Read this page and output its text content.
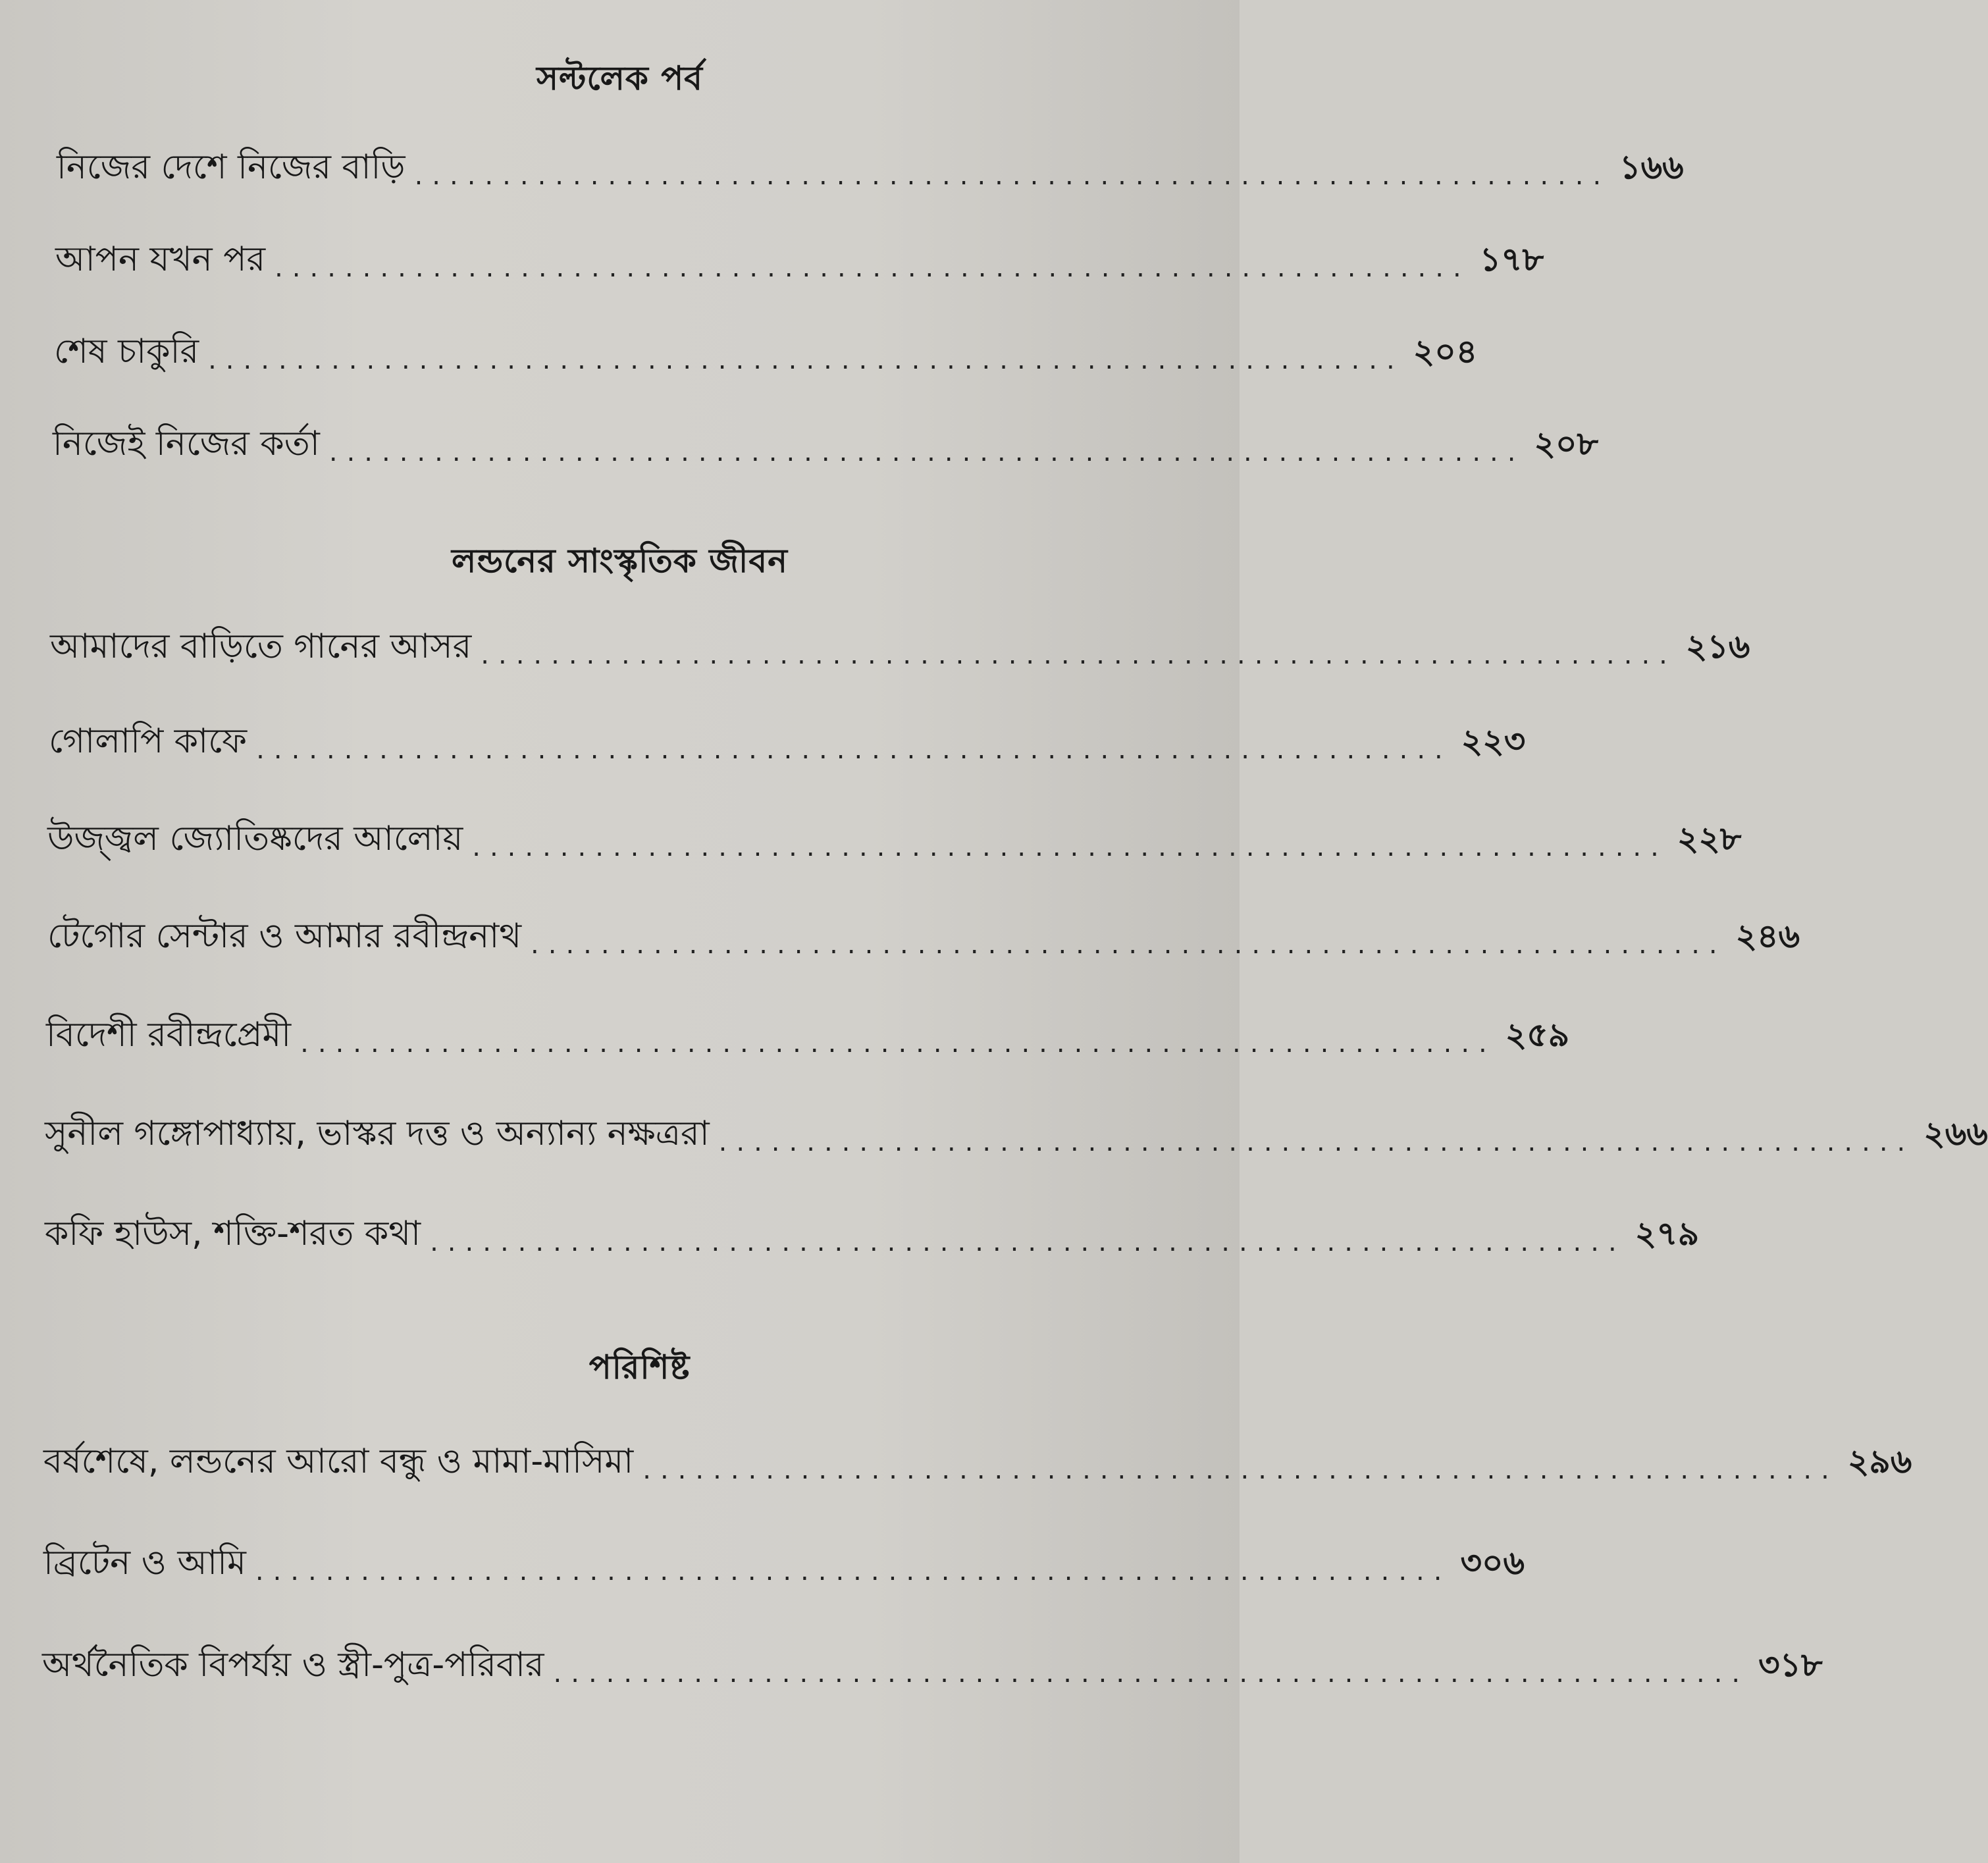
সল্টলেক পর্ব
নিজের দেশে নিজের বাড়ি .................................................................... ১৬৬
আপন যখন পর .................................................................... ১৭৮
শেষ চাকুরি .................................................................... ২০৪
নিজেই নিজের কর্তা .................................................................... ২০৮
লন্ডনের সাংস্কৃতিক জীবন
আমাদের বাড়িতে গানের আসর .................................................................... ২১৬
গোলাপি কাফে .................................................................... ২২৩
উজ্জ্বল জ্যোতিষ্কদের আলোয় .................................................................... ২২৮
টেগোর সেন্টার ও আমার রবীন্দ্রনাথ .................................................................... ২৪৬
বিদেশী রবীন্দ্রপ্রেমী .................................................................... ২৫৯
সুনীল গঙ্গোপাধ্যায়, ভাস্কর দত্ত ও অন্যান্য নক্ষত্ররা .................................................................... ২৬৬
কফি হাউস, শক্তি-শরত কথা .................................................................... ২৭৯
পরিশিষ্ট
বর্ষশেষে, লন্ডনের আরো বন্ধু ও মামা-মাসিমা .................................................................... ২৯৬
ব্রিটেন ও আমি .................................................................... ৩০৬
অর্থনৈতিক বিপর্যয় ও স্ত্রী-পুত্র-পরিবার .................................................................... ৩১৮
